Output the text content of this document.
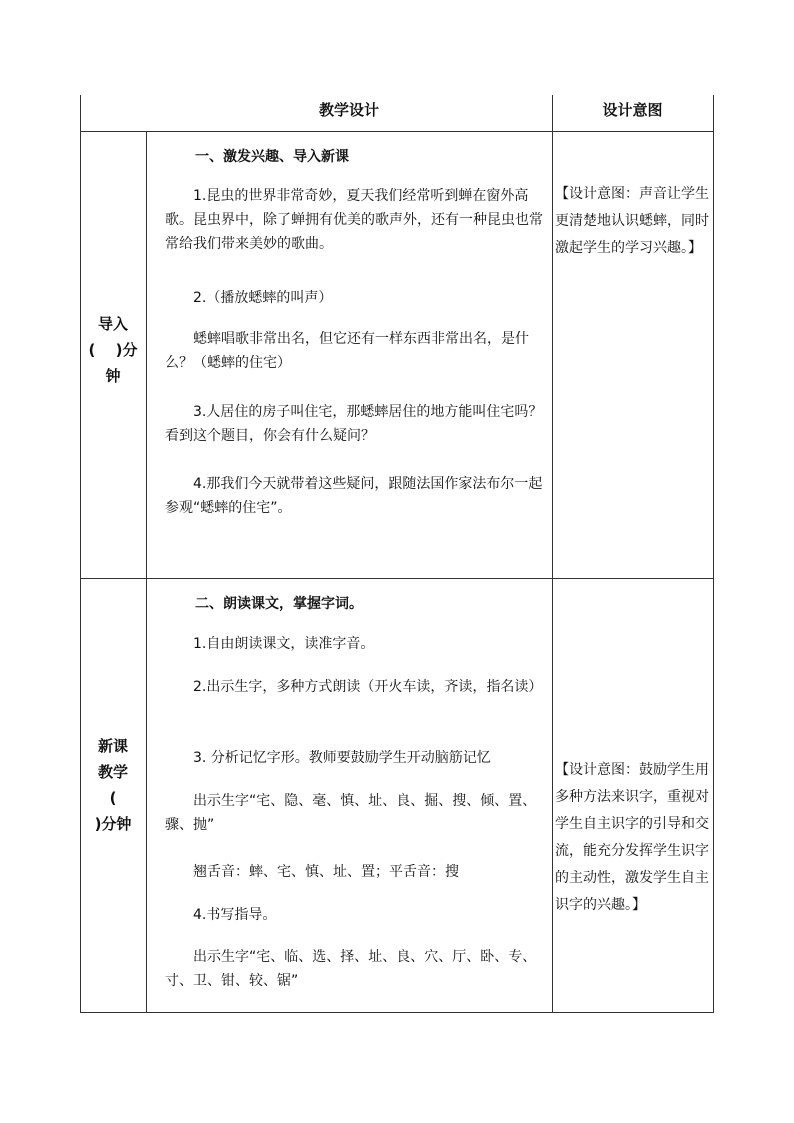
教学设计	设计意图
导入
(　 )分
钟
一、激发兴趣、导入新课
1.昆虫的世界非常奇妙，夏天我们经常听到蝉在窗外高歌。昆虫界中，除了蝉拥有优美的歌声外，还有一种昆虫也常常给我们带来美妙的歌曲。
2.（播放蟋蟀的叫声）
蟋蟀唱歌非常出名，但它还有一样东西非常出名，是什么？（蟋蟀的住宅）
3.人居住的房子叫住宅，那蟋蟀居住的地方能叫住宅吗？看到这个题目，你会有什么疑问？
4.那我们今天就带着这些疑问，跟随法国作家法布尔一起参观“蟋蟀的住宅”。
【设计意图：声音让学生更清楚地认识蟋蟀，同时激起学生的学习兴趣。】
新课
教学
(
)分钟
二、朗读课文，掌握字词。
1.自由朗读课文，读准字音。
2.出示生字，多种方式朗读（开火车读，齐读，指名读）
3. 分析记忆字形。教师要鼓励学生开动脑筋记忆
出示生字“宅、隐、毫、慎、址、良、掘、搜、倾、置、骤、抛”
翘舌音：蟀、宅、慎、址、置；平舌音：搜
4.书写指导。
出示生字“宅、临、选、择、址、良、穴、厅、卧、专、寸、卫、钳、较、锯”
【设计意图：鼓励学生用多种方法来识字，重视对学生自主识字的引导和交流，能充分发挥学生识字的主动性，激发学生自主识字的兴趣。】
